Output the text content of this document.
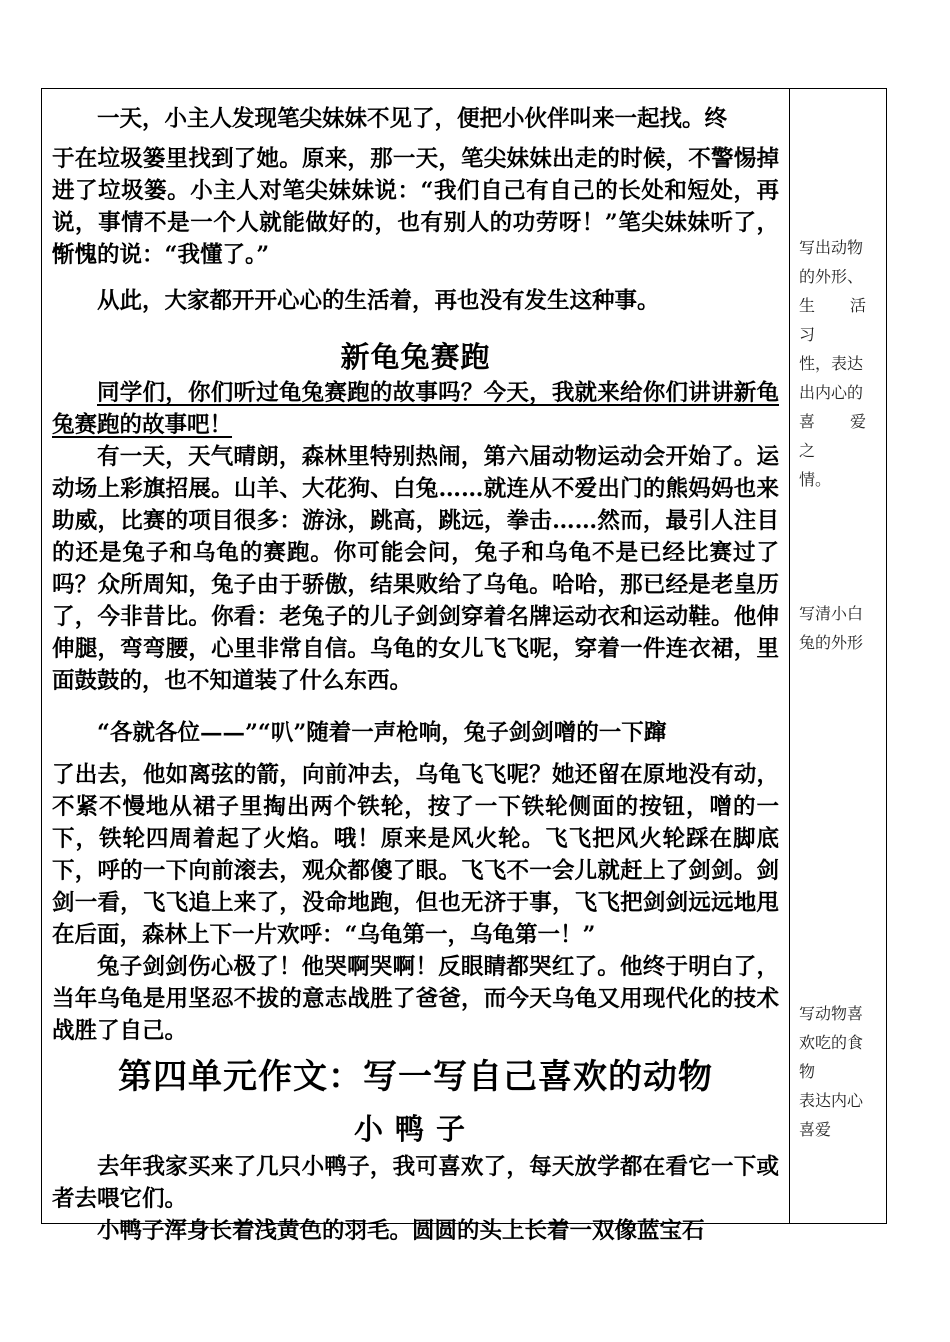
一天，小主人发现笔尖妹妹不见了，便把小伙伴叫来一起找。终

于在垃圾篓里找到了她。原来，那一天，笔尖妹妹出走的时候，不警惕掉进了垃圾篓。小主人对笔尖妹妹说：“我们自己有自己的长处和短处，再说，事情不是一个人就能做好的，也有别人的功劳呀！”笔尖妹妹听了，惭愧的说：“我懂了。”

从此，大家都开开心心的生活着，再也没有发生这种事。

新龟兔赛跑

同学们，你们听过龟兔赛跑的故事吗？今天，我就来给你们讲讲新龟兔赛跑的故事吧！

有一天，天气晴朗，森林里特别热闹，第六届动物运动会开始了。运动场上彩旗招展。山羊、大花狗、白兔……就连从不爱出门的熊妈妈也来助威，比赛的项目很多：游泳，跳高，跳远，拳击……然而，最引人注目的还是兔子和乌龟的赛跑。你可能会问，兔子和乌龟不是已经比赛过了吗？众所周知，兔子由于骄傲，结果败给了乌龟。哈哈，那已经是老皇历了，今非昔比。你看：老兔子的儿子剑剑穿着名牌运动衣和运动鞋。他伸伸腿，弯弯腰，心里非常自信。乌龟的女儿飞飞呢，穿着一件连衣裙，里面鼓鼓的，也不知道装了什么东西。

“各就各位——”“叭”随着一声枪响，兔子剑剑噌的一下蹿

了出去，他如离弦的箭，向前冲去，乌龟飞飞呢？她还留在原地没有动，不紧不慢地从裙子里掏出两个铁轮，按了一下铁轮侧面的按钮，噌的一下，铁轮四周着起了火焰。哦！原来是风火轮。飞飞把风火轮踩在脚底下，呼的一下向前滚去，观众都傻了眼。飞飞不一会儿就赶上了剑剑。剑剑一看，飞飞追上来了，没命地跑，但也无济于事，飞飞把剑剑远远地甩在后面，森林上下一片欢呼：“乌龟第一，乌龟第一！”

兔子剑剑伤心极了！他哭啊哭啊！反眼睛都哭红了。他终于明白了，当年乌龟是用坚忍不拔的意志战胜了爸爸，而今天乌龟又用现代化的技术战胜了自己。

第四单元作文：写一写自己喜欢的动物
小鸭子

去年我家买来了几只小鸭子，我可喜欢了，每天放学都在看它一下或者去喂它们。

小鸭子浑身长着浅黄色的羽毛。圆圆的头上长着一双像蓝宝石

写出动物
的外形、
生活习
性，表达
出内心的
喜爱之
情。
写清小白
兔的外形
写动物喜
欢吃的食
物
表达内心
喜爱
